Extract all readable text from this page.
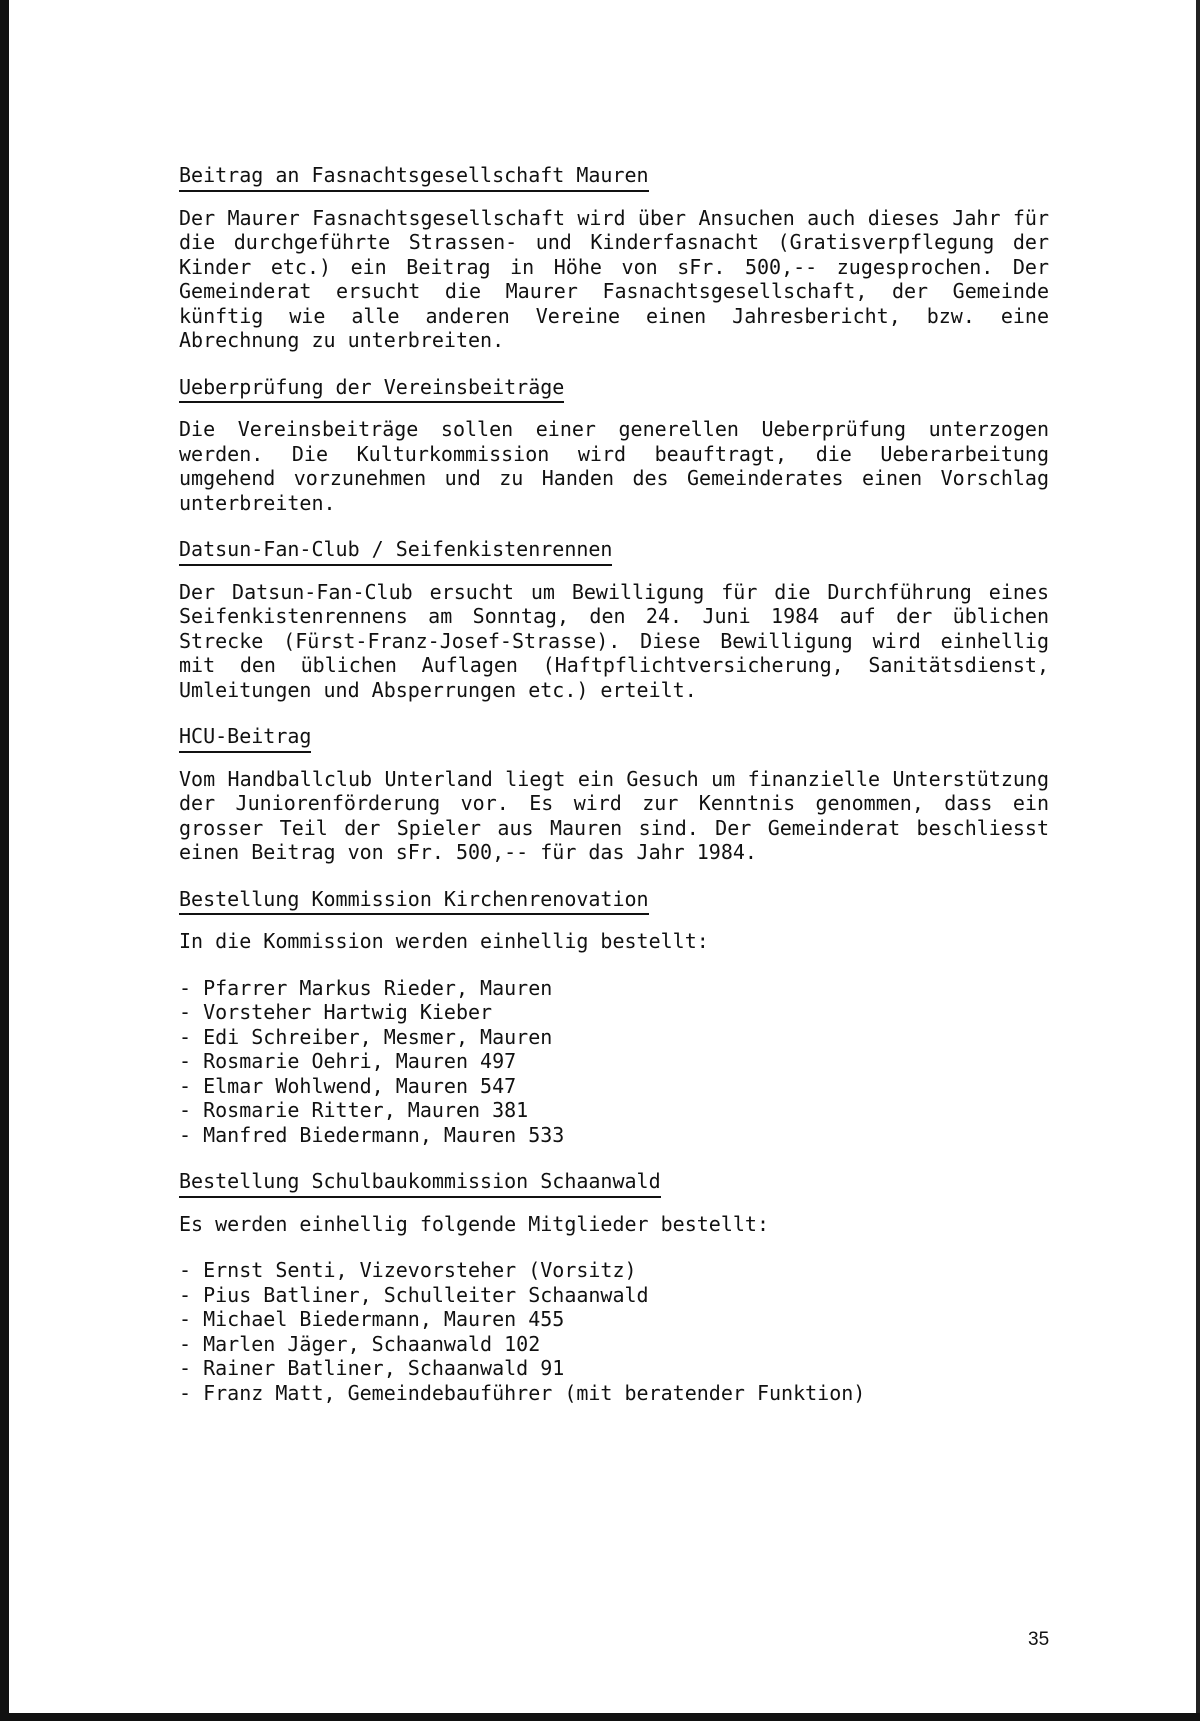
Beitrag an Fasnachtsgesellschaft Mauren

Der Maurer Fasnachtsgesellschaft wird über Ansuchen auch dieses Jahr für die durchgeführte Strassen- und Kinderfasnacht (Gratisverpflegung der Kinder etc.) ein Beitrag in Höhe von sFr. 500,-- zugesprochen. Der Gemeinderat ersucht die Maurer Fasnachtsgesellschaft, der Gemeinde künftig wie alle anderen Vereine einen Jahresbericht, bzw. eine Abrechnung zu unterbreiten.

Ueberprüfung der Vereinsbeiträge

Die Vereinsbeiträge sollen einer generellen Ueberprüfung unterzogen werden. Die Kulturkommission wird beauftragt, die Ueberarbeitung umgehend vorzunehmen und zu Handen des Gemeinderates einen Vorschlag unterbreiten.

Datsun-Fan-Club / Seifenkistenrennen

Der Datsun-Fan-Club ersucht um Bewilligung für die Durchführung eines Seifenkistenrennens am Sonntag, den 24. Juni 1984 auf der üblichen Strecke (Fürst-Franz-Josef-Strasse). Diese Bewilligung wird einhellig mit den üblichen Auflagen (Haftpflichtversicherung, Sanitätsdienst, Umleitungen und Absperrungen etc.) erteilt.

HCU-Beitrag

Vom Handballclub Unterland liegt ein Gesuch um finanzielle Unterstützung der Juniorenförderung vor. Es wird zur Kenntnis genommen, dass ein grosser Teil der Spieler aus Mauren sind. Der Gemeinderat beschliesst einen Beitrag von sFr. 500,-- für das Jahr 1984.

Bestellung Kommission Kirchenrenovation

In die Kommission werden einhellig bestellt:

- Pfarrer Markus Rieder, Mauren
- Vorsteher Hartwig Kieber
- Edi Schreiber, Mesmer, Mauren
- Rosmarie Oehri, Mauren 497
- Elmar Wohlwend, Mauren 547
- Rosmarie Ritter, Mauren 381
- Manfred Biedermann, Mauren 533
Bestellung Schulbaukommission Schaanwald

Es werden einhellig folgende Mitglieder bestellt:

- Ernst Senti, Vizevorsteher (Vorsitz)
- Pius Batliner, Schulleiter Schaanwald
- Michael Biedermann, Mauren 455
- Marlen Jäger, Schaanwald 102
- Rainer Batliner, Schaanwald 91
- Franz Matt, Gemeindebauführer (mit beratender Funktion)
35
